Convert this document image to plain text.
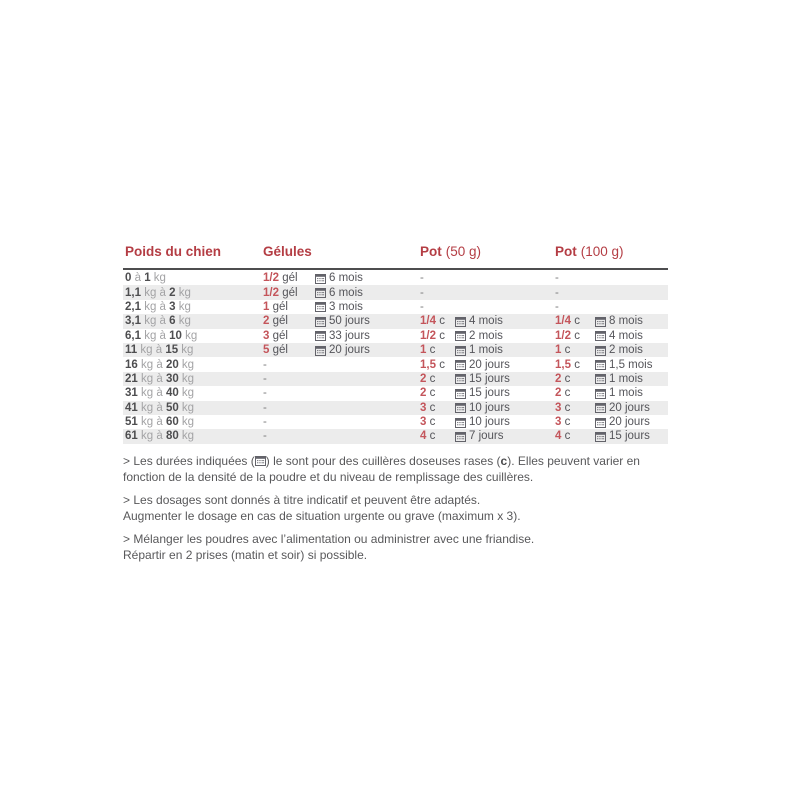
Poids du chien	Gélules	Pot (50 g)	Pot (100 g)
0 à 1 kg	1/2 gél	6 mois	-	-
1,1 kg à 2 kg	1/2 gél	6 mois	-	-
2,1 kg à 3 kg	1 gél	3 mois	-	-
3,1 kg à 6 kg	2 gél	50 jours	1/4 c	4 mois	1/4 c	8 mois
6,1 kg à 10 kg	3 gél	33 jours	1/2 c	2 mois	1/2 c	4 mois
11 kg à 15 kg	5 gél	20 jours	1 c	1 mois	1 c	2 mois
16 kg à 20 kg	-	1,5 c	20 jours	1,5 c	1,5 mois
21 kg à 30 kg	-	2 c	15 jours	2 c	1 mois
31 kg à 40 kg	-	2 c	15 jours	2 c	1 mois
41 kg à 50 kg	-	3 c	10 jours	3 c	20 jours
51 kg à 60 kg	-	3 c	10 jours	3 c	20 jours
61 kg à 80 kg	-	4 c	7 jours	4 c	15 jours

> Les durées indiquées ( ) le sont pour des cuillères doseuses rases (c). Elles peuvent varier en fonction de la densité de la poudre et du niveau de remplissage des cuillères.

> Les dosages sont donnés à titre indicatif et peuvent être adaptés.
Augmenter le dosage en cas de situation urgente ou grave (maximum x 3).

> Mélanger les poudres avec l’alimentation ou administrer avec une friandise.
Répartir en 2 prises (matin et soir) si possible.
